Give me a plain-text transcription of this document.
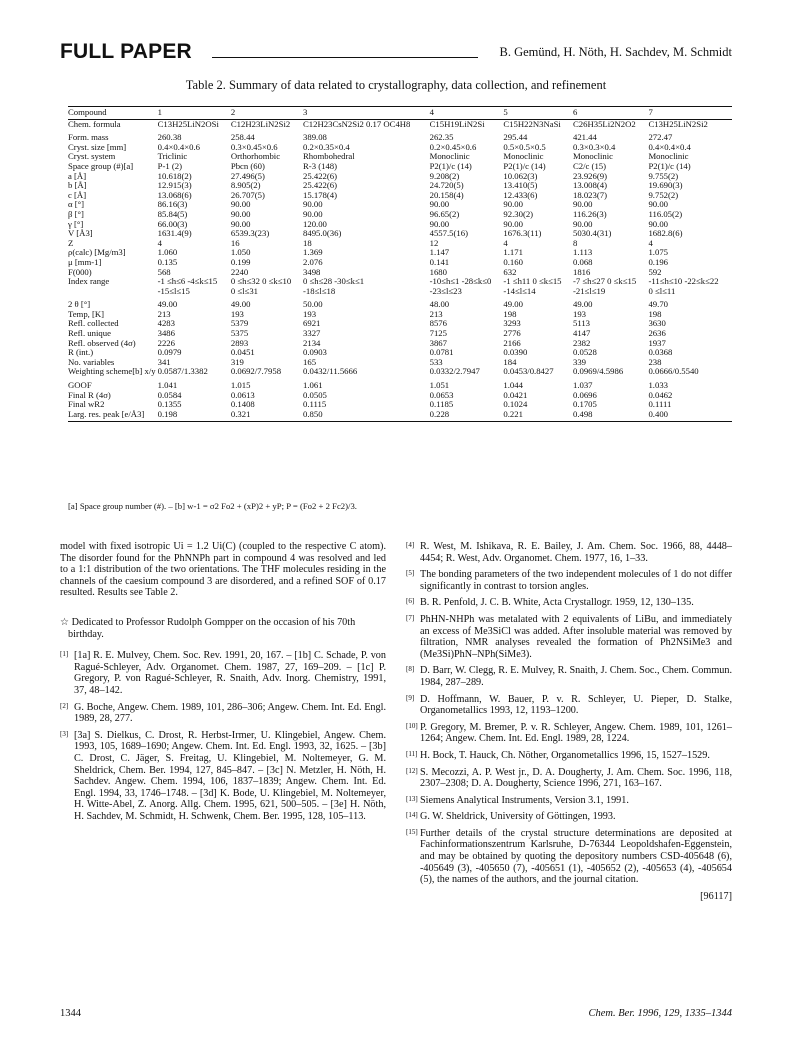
FULL PAPER	B. Gemünd, H. Nöth, H. Sachdev, M. Schmidt
Table 2. Summary of data related to crystallography, data collection, and refinement
Compound	1	2	3	4	5	6	7
Chem. formula	C13H25LiN2OSi	C12H23LiN2Si2	C12H23CsN2Si2 0.17 OC4H8	C15H19LiN2Si	C15H22N3NaSi	C26H35Li2N2O2	C13H25LiN2Si2
Form. mass	260.38	258.44	389.08	262.35	295.44	421.44	272.47
Cryst. size [mm]	0.4×0.4×0.6	0.3×0.45×0.6	0.2×0.35×0.4	0.2×0.45×0.6	0.5×0.5×0.5	0.3×0.3×0.4	0.4×0.4×0.4
Cryst. system	Triclinic	Orthorhombic	Rhombohedral	Monoclinic	Monoclinic	Monoclinic	Monoclinic
Space group (#)[a]	P-1 (2)	Pbcn (60)	R-3 (148)	P2(1)/c (14)	P2(1)/c (14)	C2/c (15)	P2(1)/c (14)
a [Å]	10.618(2)	27.496(5)	25.422(6)	9.208(2)	10.062(3)	23.926(9)	9.755(2)
b [Å]	12.915(3)	8.905(2)	25.422(6)	24.720(5)	13.410(5)	13.008(4)	19.690(3)
c [Å]	13.068(6)	26.707(5)	15.178(4)	20.158(4)	12.433(6)	18.023(7)	9.752(2)
α [°]	86.16(3)	90.00	90.00	90.00	90.00	90.00	90.00
β [°]	85.84(5)	90.00	90.00	96.65(2)	92.30(2)	116.26(3)	116.05(2)
γ [°]	66.00(3)	90.00	120.00	90.00	90.00	90.00	90.00
V [Å3]	1631.4(9)	6539.3(23)	8495.0(36)	4557.5(16)	1676.3(11)	5030.4(31)	1682.8(6)
Z	4	16	18	12	4	8	4
ρ(calc) [Mg/m3]	1.060	1.050	1.369	1.147	1.171	1.113	1.075
μ [mm-1]	0.135	0.199	2.076	0.141	0.160	0.068	0.196
F(000)	568	2240	3498	1680	632	1816	592
Index range	-1 ≤h≤6 -4≤k≤15	0 ≤h≤32 0 ≤k≤10	0 ≤h≤28 -30≤k≤1	-10≤h≤1 -28≤k≤0	-1 ≤h11 0 ≤k≤15	-7 ≤h≤27 0 ≤k≤15	-11≤h≤10 -22≤k≤22
	-15≤l≤15	0 ≤l≤31	-18≤l≤18	-23≤l≤23	-14≤l≤14	-21≤l≤19	0 ≤l≤11
2 θ [°]	49.00	49.00	50.00	48.00	49.00	49.00	49.70
Temp, [K]	213	193	193	213	198	193	198
Refl. collected	4283	5379	6921	8576	3293	5113	3630
Refl. unique	3486	5375	3327	7125	2776	4147	2636
Refl. observed (4σ)	2226	2893	2134	3867	2166	2382	1937
R (int.)	0.0979	0.0451	0.0903	0.0781	0.0390	0.0528	0.0368
No. variables	341	319	165	533	184	339	238
Weighting scheme[b] x/y	0.0587/1.3382	0.0692/7.7958	0.0432/11.5666	0.0332/2.7947	0.0453/0.8427	0.0969/4.5986	0.0666/0.5540
GOOF	1.041	1.015	1.061	1.051	1.044	1.037	1.033
Final R (4σ)	0.0584	0.0613	0.0505	0.0653	0.0421	0.0696	0.0462
Final wR2	0.1355	0.1408	0.1115	0.1185	0.1024	0.1705	0.1111
Larg. res. peak [e/Å3]	0.198	0.321	0.850	0.228	0.221	0.498	0.400
[a] Space group number (#). – [b] w-1 = σ2 Fo2 + (xP)2 + yP; P = (Fo2 + 2 Fc2)/3.

model with fixed isotropic Ui = 1.2 Ui(C) (coupled to the respective C atom). The disorder found for the PhNNPh part in compound 4 was resolved and led to a 1:1 distribution of the two orientations. The THF molecules residing in the channels of the caesium compound 3 are disordered, and a refined SOF of 0.17 resulted. Results see Table 2.

☆ Dedicated to Professor Rudolph Gompper on the occasion of his 70th birthday.
[1] [1a] R. E. Mulvey, Chem. Soc. Rev. 1991, 20, 167. – [1b] C. Schade, P. von Ragué-Schleyer, Adv. Organomet. Chem. 1987, 27, 169–209. – [1c] P. Gregory, P. von Ragué-Schleyer, R. Snaith, Adv. Inorg. Chemistry, 1991, 37, 48–142.
[2] G. Boche, Angew. Chem. 1989, 101, 286–306; Angew. Chem. Int. Ed. Engl. 1989, 28, 277.
[3] [3a] S. Dielkus, C. Drost, R. Herbst-Irmer, U. Klingebiel, Angew. Chem. 1993, 105, 1689–1690; Angew. Chem. Int. Ed. Engl. 1993, 32, 1625. – [3b] C. Drost, C. Jäger, S. Freitag, U. Klingebiel, M. Noltemeyer, G. M. Sheldrick, Chem. Ber. 1994, 127, 845–847. – [3c] N. Metzler, H. Nöth, H. Sachdev. Angew. Chem. 1994, 106, 1837–1839; Angew. Chem. Int. Ed. Engl. 1994, 33, 1746–1748. – [3d] K. Bode, U. Klingebiel, M. Noltemeyer, H. Witte-Abel, Z. Anorg. Allg. Chem. 1995, 621, 500–505. – [3e] H. Nöth, H. Sachdev, M. Schmidt, H. Schwenk, Chem. Ber. 1995, 128, 105–113.
[4] R. West, M. Ishikava, R. E. Bailey, J. Am. Chem. Soc. 1966, 88, 4448–4454; R. West, Adv. Organomet. Chem. 1977, 16, 1–33.
[5] The bonding parameters of the two independent molecules of 1 do not differ significantly in contrast to torsion angles.
[6] B. R. Penfold, J. C. B. White, Acta Crystallogr. 1959, 12, 130–135.
[7] PhHN-NHPh was metalated with 2 equivalents of LiBu, and immediately an excess of Me3SiCl was added. After insoluble material was removed by filtration, NMR analyses revealed the formation of Ph2NSiMe3 and (Me3Si)PhN–NPh(SiMe3).
[8] D. Barr, W. Clegg, R. E. Mulvey, R. Snaith, J. Chem. Soc., Chem. Commun. 1984, 287–289.
[9] D. Hoffmann, W. Bauer, P. v. R. Schleyer, U. Pieper, D. Stalke, Organometallics 1993, 12, 1193–1200.
[10] P. Gregory, M. Bremer, P. v. R. Schleyer, Angew. Chem. 1989, 101, 1261–1264; Angew. Chem. Int. Ed. Engl. 1989, 28, 1224.
[11] H. Bock, T. Hauck, Ch. Nöther, Organometallics 1996, 15, 1527–1529.
[12] S. Mecozzi, A. P. West jr., D. A. Dougherty, J. Am. Chem. Soc. 1996, 118, 2307–2308; D. A. Dougherty, Science 1996, 271, 163–167.
[13] Siemens Analytical Instruments, Version 3.1, 1991.
[14] G. W. Sheldrick, University of Göttingen, 1993.
[15] Further details of the crystal structure determinations are deposited at Fachinformationszentrum Karlsruhe, D-76344 Leopoldshafen-Eggenstein, and may be obtained by quoting the depository numbers CSD-405648 (6), -405649 (3), -405650 (7), -405651 (1), -405652 (2), -405653 (4), -405654 (5), the names of the authors, and the journal citation.
[96117]
1344	Chem. Ber. 1996, 129, 1335–1344
